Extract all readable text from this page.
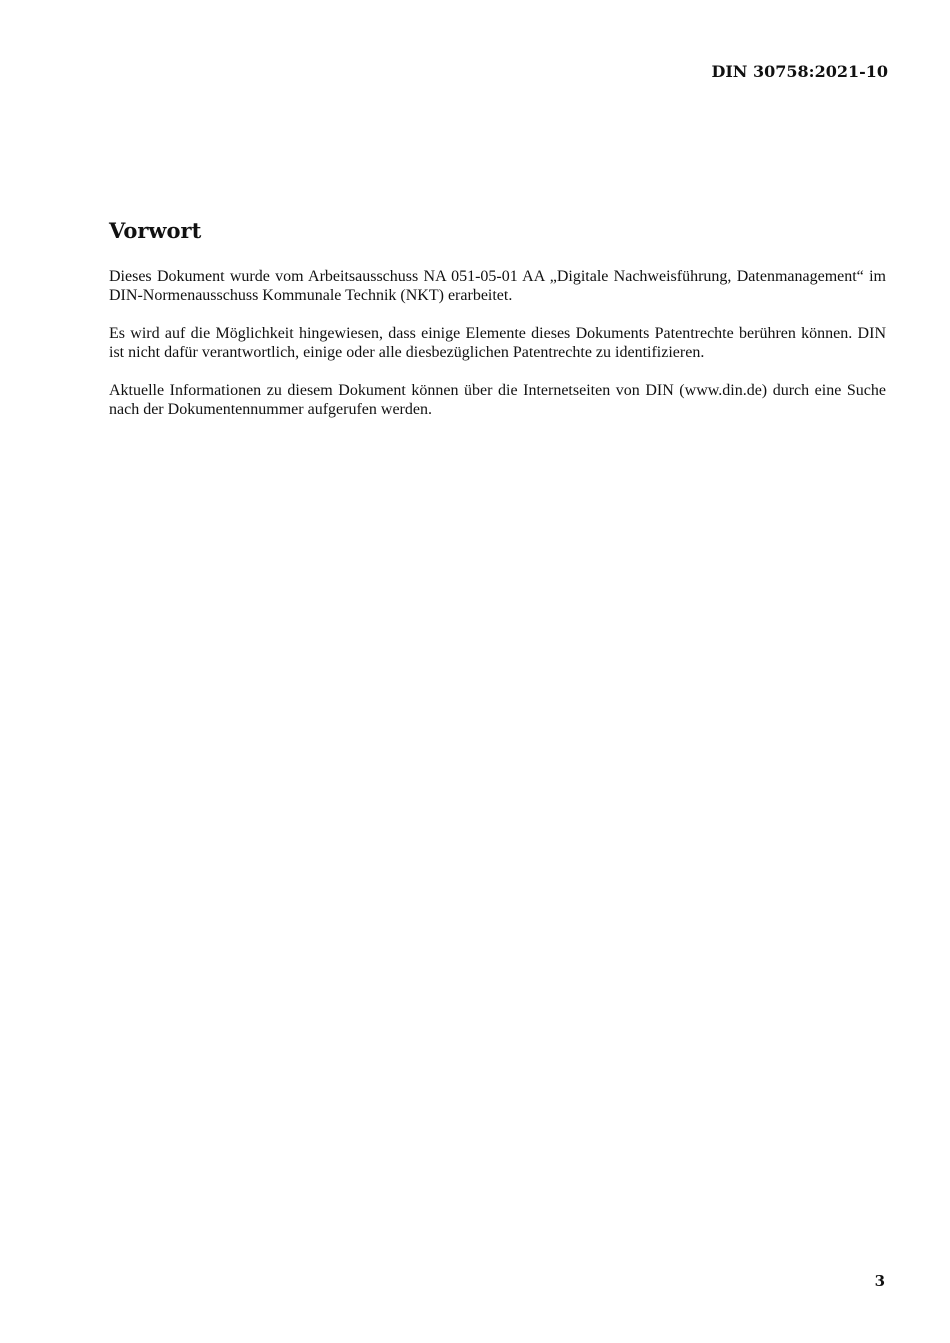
DIN 30758:2021-10
Vorwort

Dieses Dokument wurde vom Arbeitsausschuss NA 051-05-01 AA „Digitale Nachweisführung, Datenmanagement“ im DIN-Normenausschuss Kommunale Technik (NKT) erarbeitet.

Es wird auf die Möglichkeit hingewiesen, dass einige Elemente dieses Dokuments Patentrechte berühren können. DIN ist nicht dafür verantwortlich, einige oder alle diesbezüglichen Patentrechte zu identifizieren.

Aktuelle Informationen zu diesem Dokument können über die Internetseiten von DIN (www.din.de) durch eine Suche nach der Dokumentennummer aufgerufen werden.

3
